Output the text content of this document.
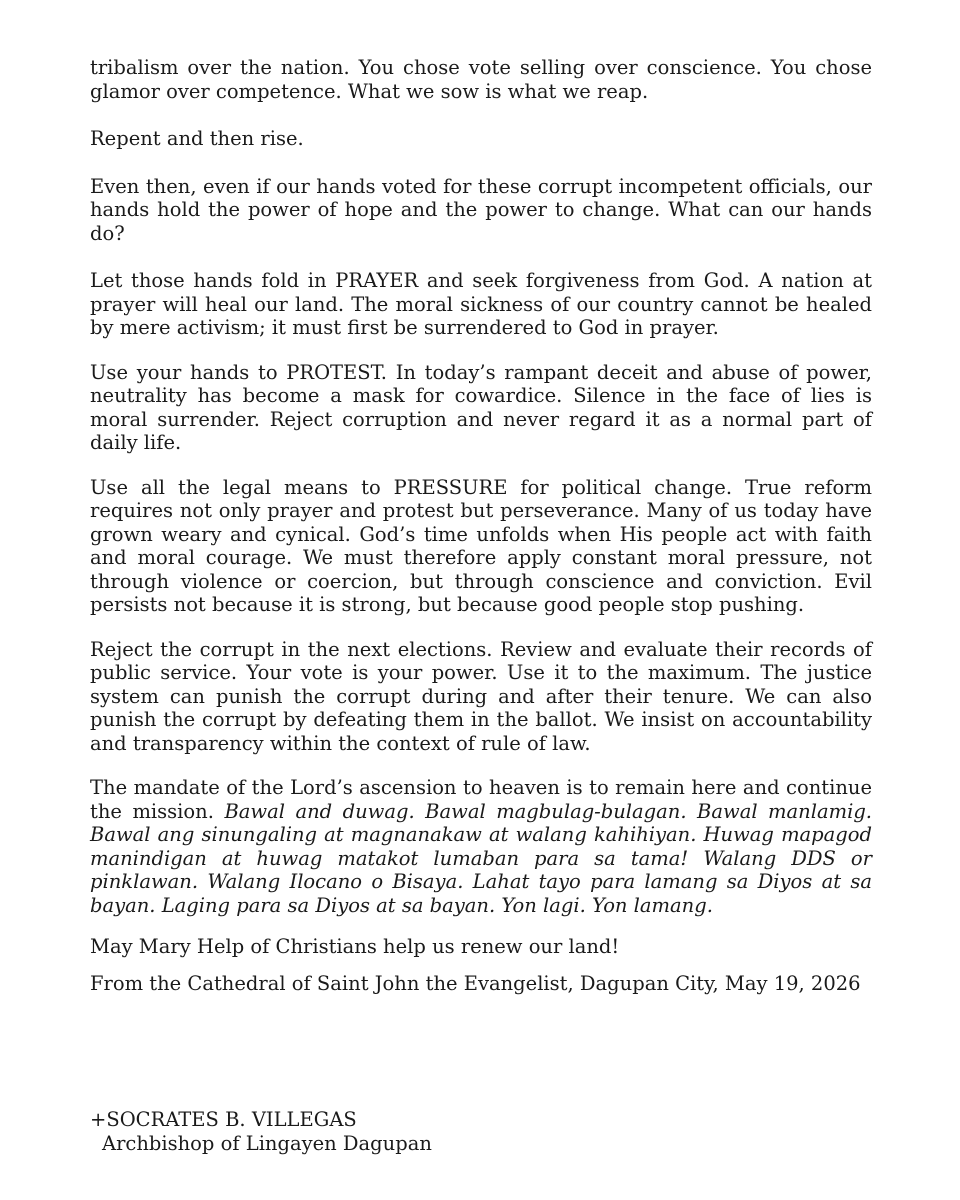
tribalism over the nation. You chose vote selling over conscience. You chose glamor over competence. What we sow is what we reap.

Repent and then rise.

Even then, even if our hands voted for these corrupt incompetent officials, our hands hold the power of hope and the power to change. What can our hands do?

Let those hands fold in PRAYER and seek forgiveness from God. A nation at prayer will heal our land. The moral sickness of our country cannot be healed by mere activism; it must first be surrendered to God in prayer.

Use your hands to PROTEST. In today’s rampant deceit and abuse of power, neutrality has become a mask for cowardice. Silence in the face of lies is moral surrender. Reject corruption and never regard it as a normal part of daily life.

Use all the legal means to PRESSURE for political change. True reform requires not only prayer and protest but perseverance. Many of us today have grown weary and cynical. God’s time unfolds when His people act with faith and moral courage. We must therefore apply constant moral pressure, not through violence or coercion, but through conscience and conviction. Evil persists not because it is strong, but because good people stop pushing.

Reject the corrupt in the next elections. Review and evaluate their records of public service. Your vote is your power. Use it to the maximum. The justice system can punish the corrupt during and after their tenure. We can also punish the corrupt by defeating them in the ballot. We insist on accountability and transparency within the context of rule of law.

The mandate of the Lord’s ascension to heaven is to remain here and continue the mission. Bawal and duwag. Bawal magbulag-bulagan. Bawal manlamig. Bawal ang sinungaling at magnanakaw at walang kahihiyan. Huwag mapagod manindigan at huwag matakot lumaban para sa tama! Walang DDS or pinklawan. Walang Ilocano o Bisaya. Lahat tayo para lamang sa Diyos at sa bayan. Laging para sa Diyos at sa bayan. Yon lagi. Yon lamang.

May Mary Help of Christians help us renew our land!

From the Cathedral of Saint John the Evangelist, Dagupan City, May 19, 2026

+SOCRATES B. VILLEGAS
Archbishop of Lingayen Dagupan
